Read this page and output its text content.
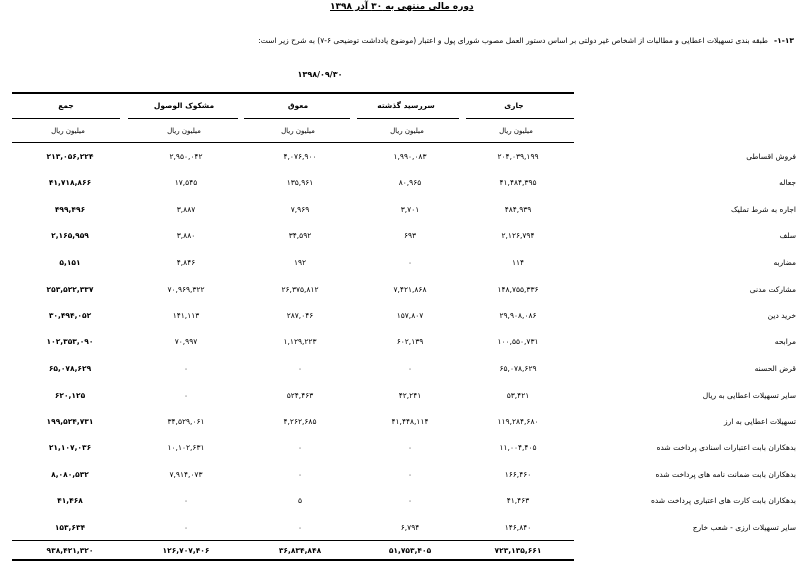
دوره مالی منتهی به ۳۰ آذر ۱۳۹۸
۱-۱۳-طبقه بندی تسهیلات اعطایی و مطالبات از اشخاص غیر دولتی بر اساس دستور العمل مصوب شورای پول و اعتبار (موضوع یادداشت توضیحی ۶-۷) به شرح زیر است:
۱۳۹۸/۰۹/۳۰
جاری
سررسید گذشته
معوق
مشکوک الوصول
جمع
میلیون ریال
میلیون ریال
میلیون ریال
میلیون ریال
میلیون ریال
فروش اقساطی
۲۰۴,۰۳۹,۱۹۹
۱,۹۹۰,۰۸۳
۴,۰۷۶,۹۰۰
۲,۹۵۰,۰۴۲
۲۱۳,۰۵۶,۲۲۴
جعاله
۴۱,۴۸۴,۳۹۵
۸۰,۹۶۵
۱۳۵,۹۶۱
۱۷,۵۴۵
۴۱,۷۱۸,۸۶۶
اجاره به شرط تملیک
۴۸۴,۹۳۹
۳,۷۰۱
۷,۹۶۹
۳,۸۸۷
۴۹۹,۴۹۶
سلف
۲,۱۲۶,۷۹۴
۶۹۳
۳۴,۵۹۲
۳,۸۸۰
۲,۱۶۵,۹۵۹
مضاربه
۱۱۴
۰
۱۹۲
۴,۸۴۶
۵,۱۵۱
مشارکت مدنی
۱۴۸,۷۵۵,۳۳۶
۷,۴۲۱,۸۶۸
۲۶,۳۷۵,۸۱۲
۷۰,۹۶۹,۳۲۲
۲۵۳,۵۲۲,۳۳۷
خرید دین
۲۹,۹۰۸,۰۸۶
۱۵۷,۸۰۷
۲۸۷,۰۴۶
۱۴۱,۱۱۳
۳۰,۴۹۴,۰۵۲
مرابحه
۱۰۰,۵۵۰,۷۳۱
۶۰۲,۱۳۹
۱,۱۲۹,۲۲۳
۷۰,۹۹۷
۱۰۲,۳۵۳,۰۹۰
قرض الحسنه
۶۵,۰۷۸,۶۲۹
۰
۰
۰
۶۵,۰۷۸,۶۲۹
سایر تسهیلات اعطایی به ریال
۵۳,۴۲۱
۴۲,۲۴۱
۵۲۴,۴۶۳
۰
۶۲۰,۱۲۵
تسهیلات اعطایی به ارز
۱۱۹,۲۸۴,۶۸۰
۴۱,۴۴۸,۱۱۴
۴,۲۶۲,۶۸۵
۳۴,۵۲۹,۰۶۱
۱۹۹,۵۲۴,۷۳۱
بدهکاران بابت اعتبارات اسنادی پرداخت شده
۱۱,۰۰۴,۴۰۵
۰
۰
۱۰,۱۰۲,۶۳۱
۲۱,۱۰۷,۰۳۶
بدهکاران بابت ضمانت نامه های پرداخت شده
۱۶۶,۴۶۰
۰
۰
۷,۹۱۴,۰۷۳
۸,۰۸۰,۵۳۲
بدهکاران بابت کارت های اعتباری پرداخت شده
۴۱,۴۶۳
۰
۵
۰
۴۱,۴۶۸
سایر تسهیلات ارزی - شعب خارج
۱۴۶,۸۴۰
۶,۷۹۴
۰
۰
۱۵۳,۶۳۴
۷۲۳,۱۳۵,۶۶۱
۵۱,۷۵۳,۴۰۵
۳۶,۸۳۴,۸۴۸
۱۲۶,۷۰۷,۴۰۶
۹۳۸,۴۲۱,۳۲۰
